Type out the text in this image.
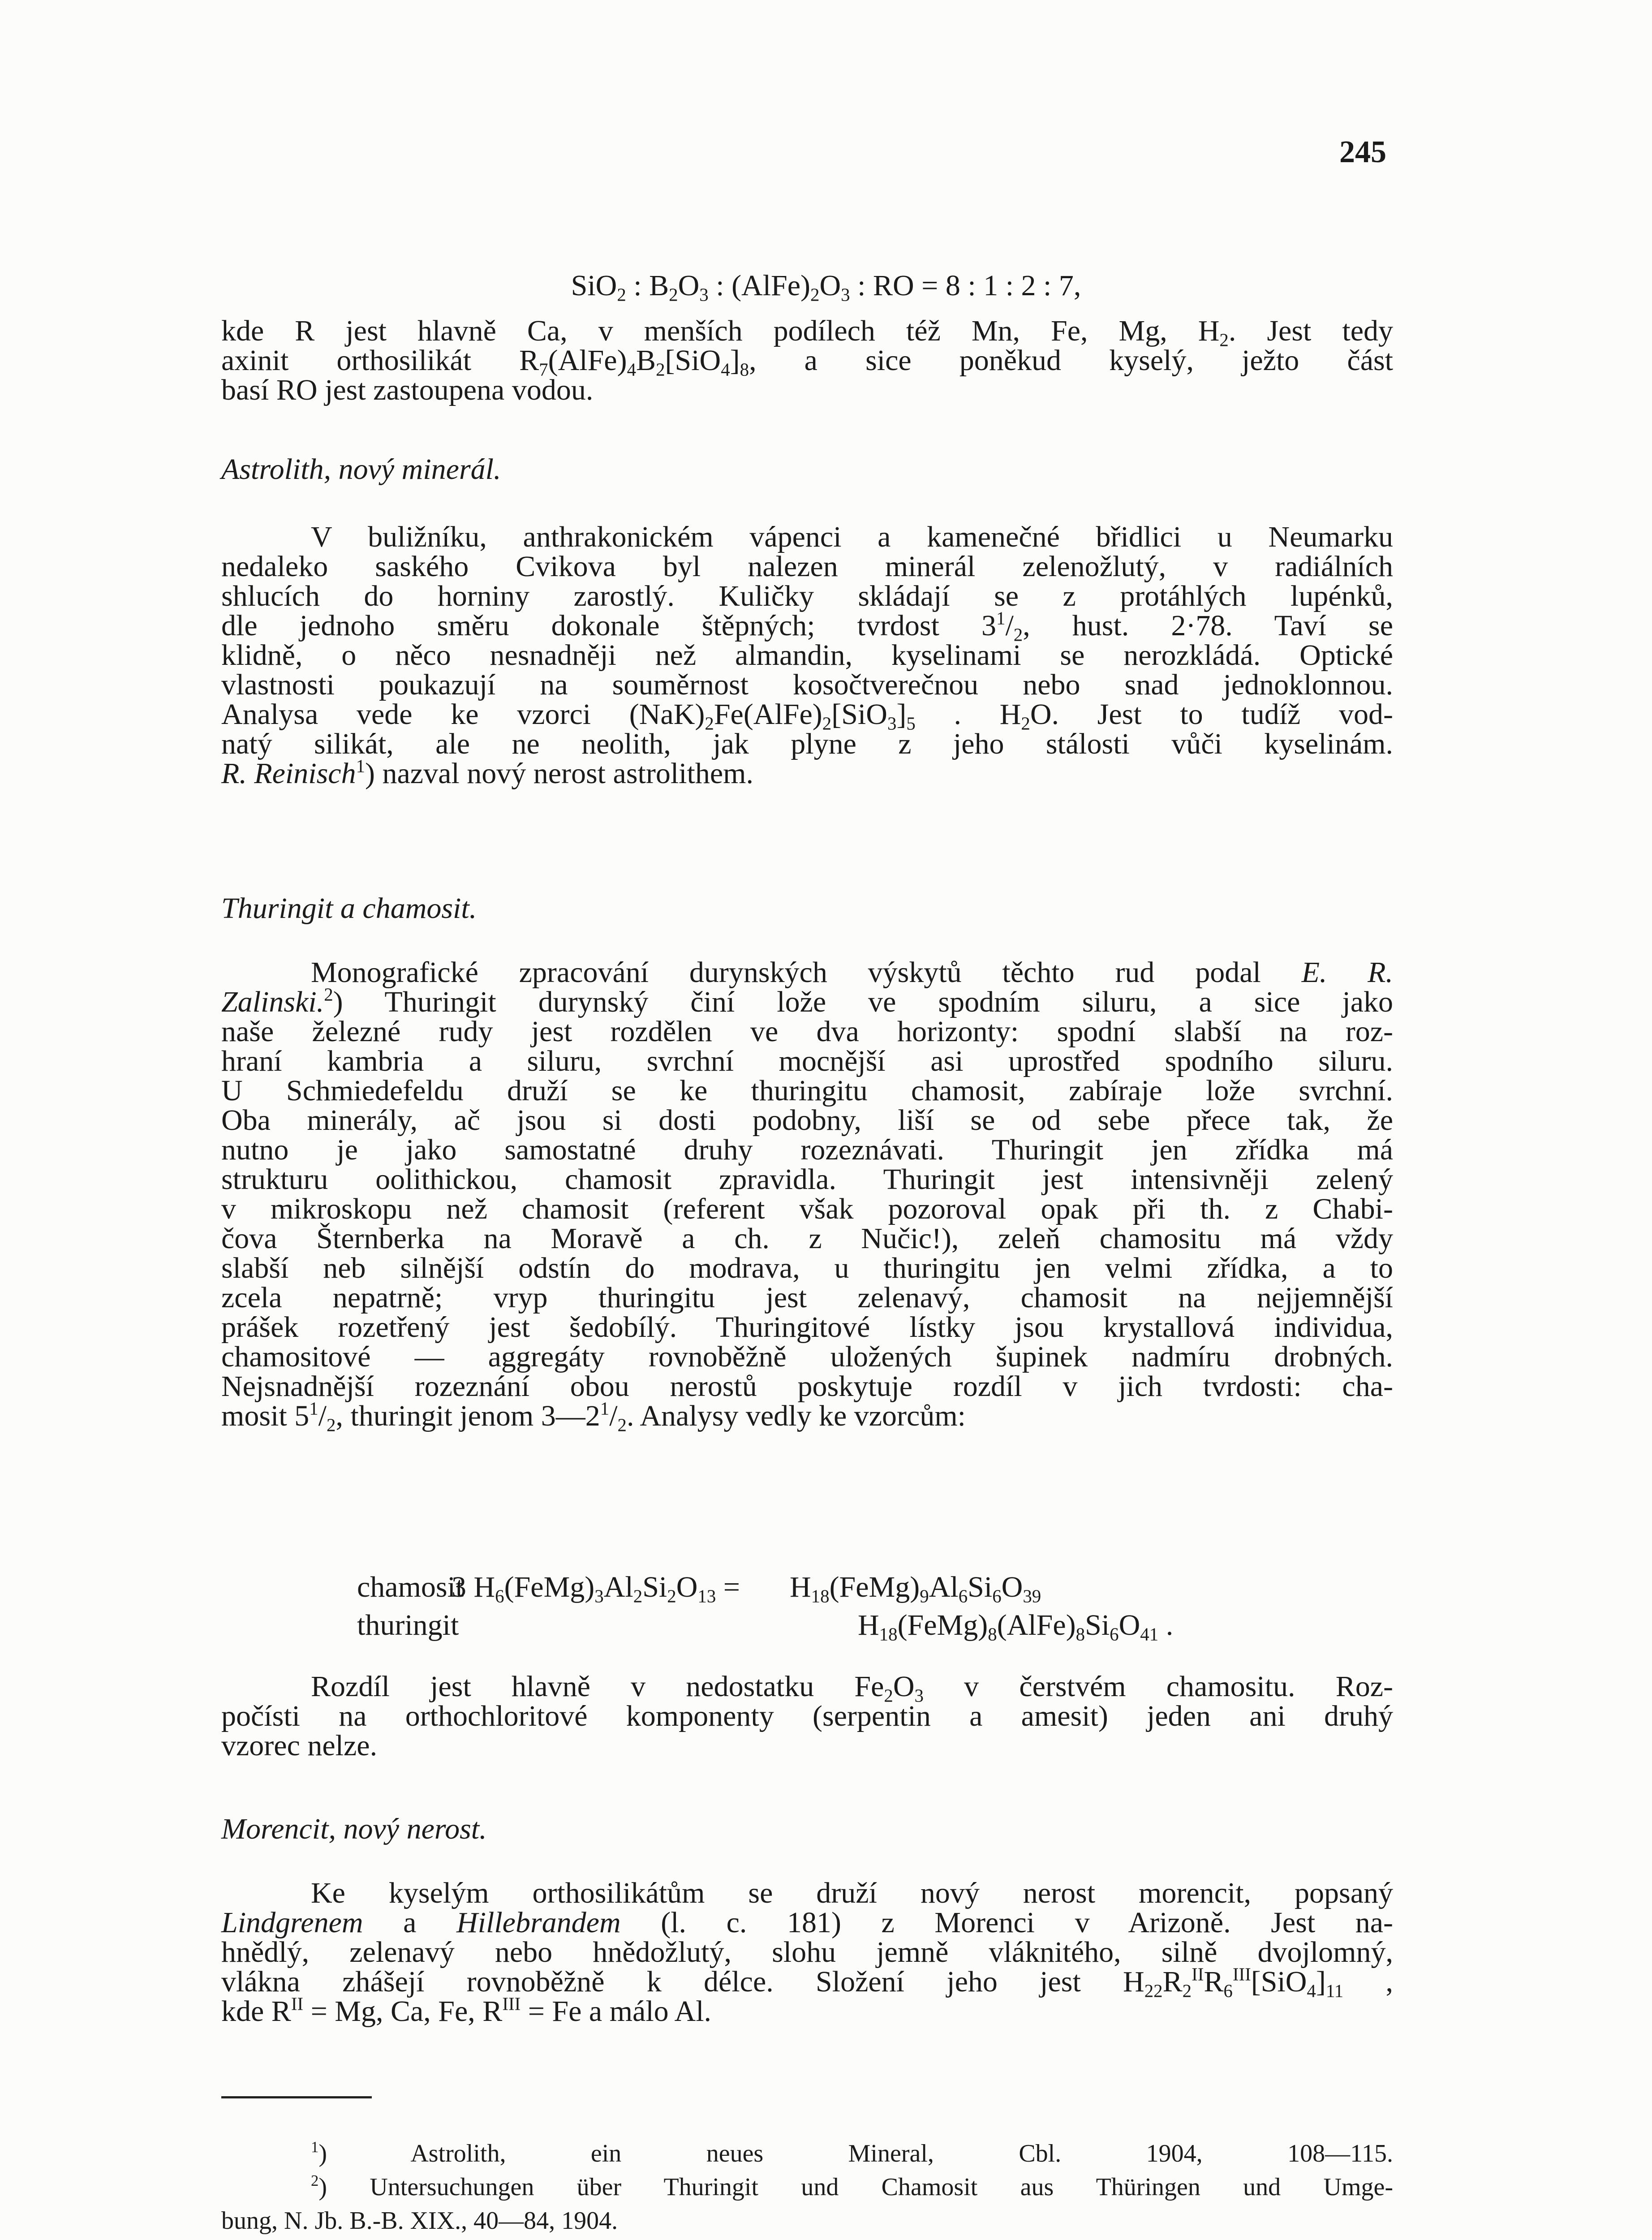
245
SiO$_2$ : $B_2O_3$ : $(AlFe)_2O_3$ : RO = 8 : 1 : 2 : 7,
kde R jest hlavně Ca, v menších podílech též Mn, Fe, Mg, $H_2$. Jest tedy
axinit orthosilikát $R_7(AlFe)_4B_2[SiO_4]_8$, a sice poněkud kyselý, ježto část
basí RO jest zastoupena vodou.
Astrolith, nový minerál.
V buližníku, anthrakonickém vápenci a kamenečné břidlici u Neumarku
nedaleko saského Cvikova byl nalezen minerál zelenožlutý, v radiálních
shlucích do horniny zarostlý. Kuličky skládají se z protáhlých lupénků,
dle jednoho směru dokonale štěpných; tvrdost $3^1/_2$, hust. 2·78. Taví se
klidně, o něco nesnadněji než almandin, kyselinami se nerozkládá. Optické
vlastnosti poukazují na souměrnost kosočtverečnou nebo snad jednoklonnou.
Analysa vede ke vzorci $(NaK)_2Fe(AlFe)_2[SiO_3]_5$ . $H_2O$. Jest to tudíž vod-
natý silikát, ale ne neolith, jak plyne z jeho stálosti vůči kyselinám.
R. Reinisch$^1$) nazval nový nerost astrolithem.
Thuringit a chamosit.
Monografické zpracování durynských výskytů těchto rud podal E. R.
Zalinski.$^2$) Thuringit durynský činí lože ve spodním siluru, a sice jako
naše železné rudy jest rozdělen ve dva horizonty: spodní slabší na roz-
hraní kambria a siluru, svrchní mocnější asi uprostřed spodního siluru.
U Schmiedefeldu druží se ke thuringitu chamosit, zabíraje lože svrchní.
Oba minerály, ač jsou si dosti podobny, liší se od sebe přece tak, že
nutno je jako samostatné druhy rozeznávati. Thuringit jen zřídka má
strukturu oolithickou, chamosit zpravidla. Thuringit jest intensivněji zelený
v mikroskopu než chamosit (referent však pozoroval opak při th. z Chabi-
čova Šternberka na Moravě a ch. z Nučic!), zeleň chamositu má vždy
slabší neb silnější odstín do modrava, u thuringitu jen velmi zřídka, a to
zcela nepatrně; vryp thuringitu jest zelenavý, chamosit na nejjemnější
prášek rozetřený jest šedobílý. Thuringitové lístky jsou krystallová individua,
chamositové — aggregáty rovnoběžně uložených šupinek nadmíru drobných.
Nejsnadnější rozeznání obou nerostů poskytuje rozdíl v jich tvrdosti: cha-
mosit $5^1/_2$, thuringit jenom $3—2^1/_2$. Analysy vedly ke vzorcům:
chamosit
3 $H_6(FeMg)_3Al_2Si_2O_{13}$ = $H_{18}(FeMg)_9Al_6Si_6O_{39}$
thuringit	$H_{18}(FeMg)_8(AlFe)_8Si_6O_{41}$ .
Rozdíl jest hlavně v nedostatku $Fe_2O_3$ v čerstvém chamositu. Roz-
počísti na orthochloritové komponenty (serpentin a amesit) jeden ani druhý
vzorec nelze.
Morencit, nový nerost.
Ke kyselým orthosilikátům se druží nový nerost morencit, popsaný
Lindgrenem a Hillebrandem (l. c. 181) z Morenci v Arizoně. Jest na-
hnědlý, zelenavý nebo hnědožlutý, slohu jemně vláknitého, silně dvojlomný,
vlákna zhášejí rovnoběžně k délce. Složení jeho jest $H_{22}R_2^{II}R_6^{III}[SiO_4]_{11}$ ,
kde $R^{II} = Mg$, Ca, Fe, $R^{III} = Fe$ a málo Al.
$^1$) Astrolith, ein neues Mineral, Cbl. 1904, 108—115.
$^2$) Untersuchungen über Thuringit und Chamosit aus Thüringen und Umge-
bung, N. Jb. B.-B. XIX., 40—84, 1904.
